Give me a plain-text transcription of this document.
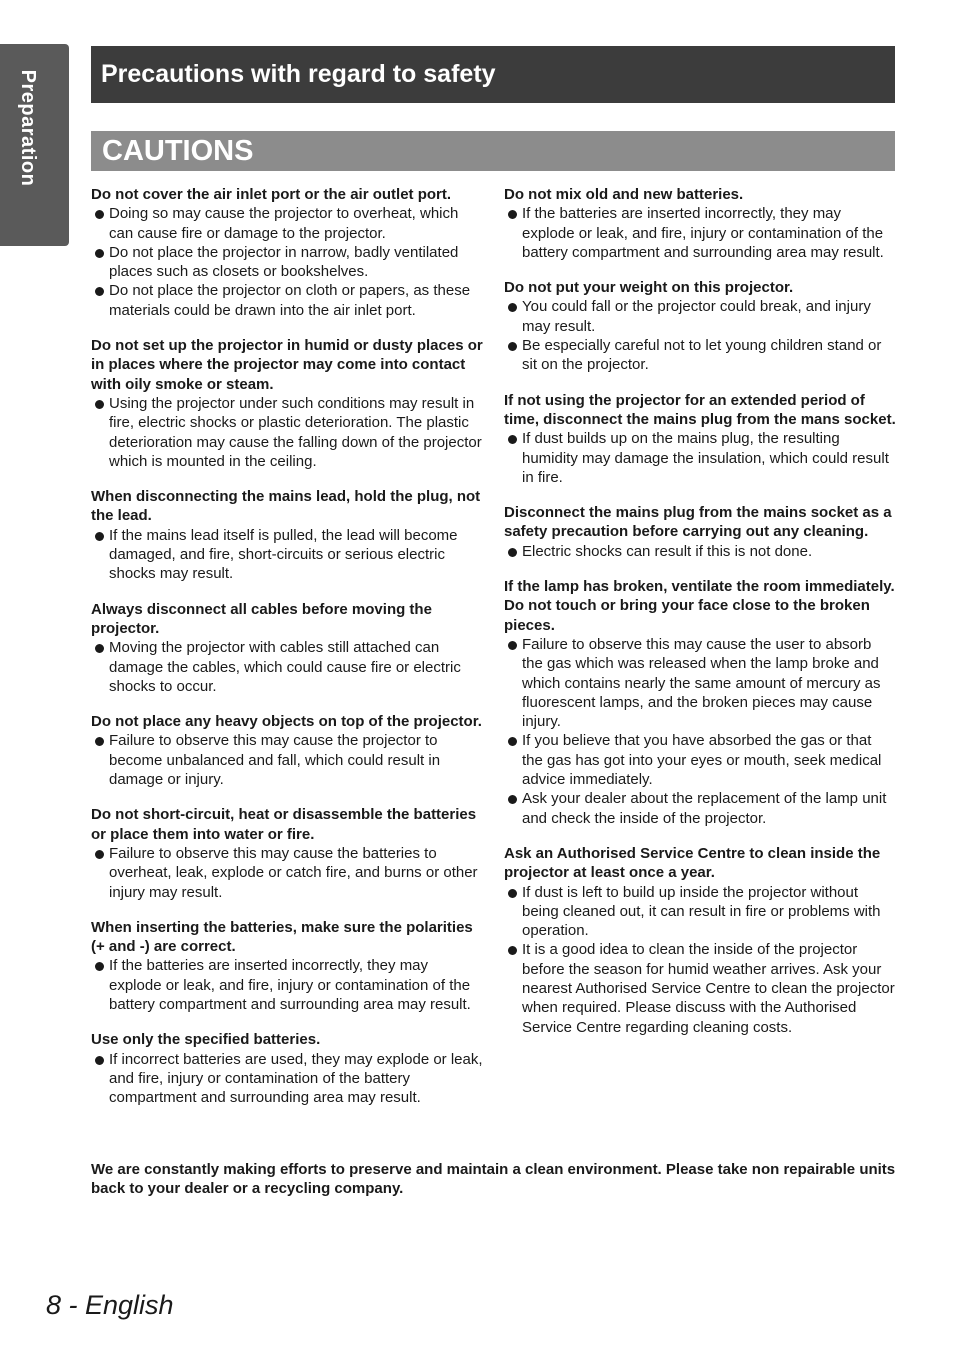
Preparation Precautions with regard to safety
CAUTIONS

Do not cover the air inlet port or the air outlet port.

Doing so may cause the projector to overheat, which can cause fire or damage to the projector.
Do not place the projector in narrow, badly ventilated places such as closets or bookshelves.
Do not place the projector on cloth or papers, as these materials could be drawn into the air inlet port.

Do not set up the projector in humid or dusty places or in places where the projector may come into contact with oily smoke or steam.

Using the projector under such conditions may result in fire, electric shocks or plastic deterioration. The plastic deterioration may cause the falling down of the projector which is mounted in the ceiling.

When disconnecting the mains lead, hold the plug, not the lead.

If the mains lead itself is pulled, the lead will become damaged, and fire, short-circuits or serious electric shocks may result.

Always disconnect all cables before moving the projector.

Moving the projector with cables still attached can damage the cables, which could cause fire or electric shocks to occur.

Do not place any heavy objects on top of the projector.

Failure to observe this may cause the projector to become unbalanced and fall, which could result in damage or injury.

Do not short-circuit, heat or disassemble the batteries or place them into water or fire.

Failure to observe this may cause the batteries to overheat, leak, explode or catch fire, and burns or other injury may result.

When inserting the batteries, make sure the polarities (+ and -) are correct.

If the batteries are inserted incorrectly, they may explode or leak, and fire, injury or contamination of the battery compartment and surrounding area may result.

Use only the specified batteries.

If incorrect batteries are used, they may explode or leak, and fire, injury or contamination of the battery compartment and surrounding area may result.

Do not mix old and new batteries.

If the batteries are inserted incorrectly, they may explode or leak, and fire, injury or contamination of the battery compartment and surrounding area may result.

Do not put your weight on this projector.

You could fall or the projector could break, and injury may result.
Be especially careful not to let young children stand or sit on the projector.

If not using the projector for an extended period of time, disconnect the mains plug from the mans socket.

If dust builds up on the mains plug, the resulting humidity may damage the insulation, which could result in fire.

Disconnect the mains plug from the mains socket as a safety precaution before carrying out any cleaning.

Electric shocks can result if this is not done.

If the lamp has broken, ventilate the room immediately. Do not touch or bring your face close to the broken pieces.

Failure to observe this may cause the user to absorb the gas which was released when the lamp broke and which contains nearly the same amount of mercury as fluorescent lamps, and the broken pieces may cause injury.
If you believe that you have absorbed the gas or that the gas has got into your eyes or mouth, seek medical advice immediately.
Ask your dealer about the replacement of the lamp unit and check the inside of the projector.

Ask an Authorised Service Centre to clean inside the projector at least once a year.

If dust is left to build up inside the projector without being cleaned out, it can result in fire or problems with operation.
It is a good idea to clean the inside of the projector before the season for humid weather arrives. Ask your nearest Authorised Service Centre to clean the projector when required. Please discuss with the Authorised Service Centre regarding cleaning costs.

We are constantly making efforts to preserve and maintain a clean environment. Please take non repairable units back to your dealer or a recycling company.

8 - English
